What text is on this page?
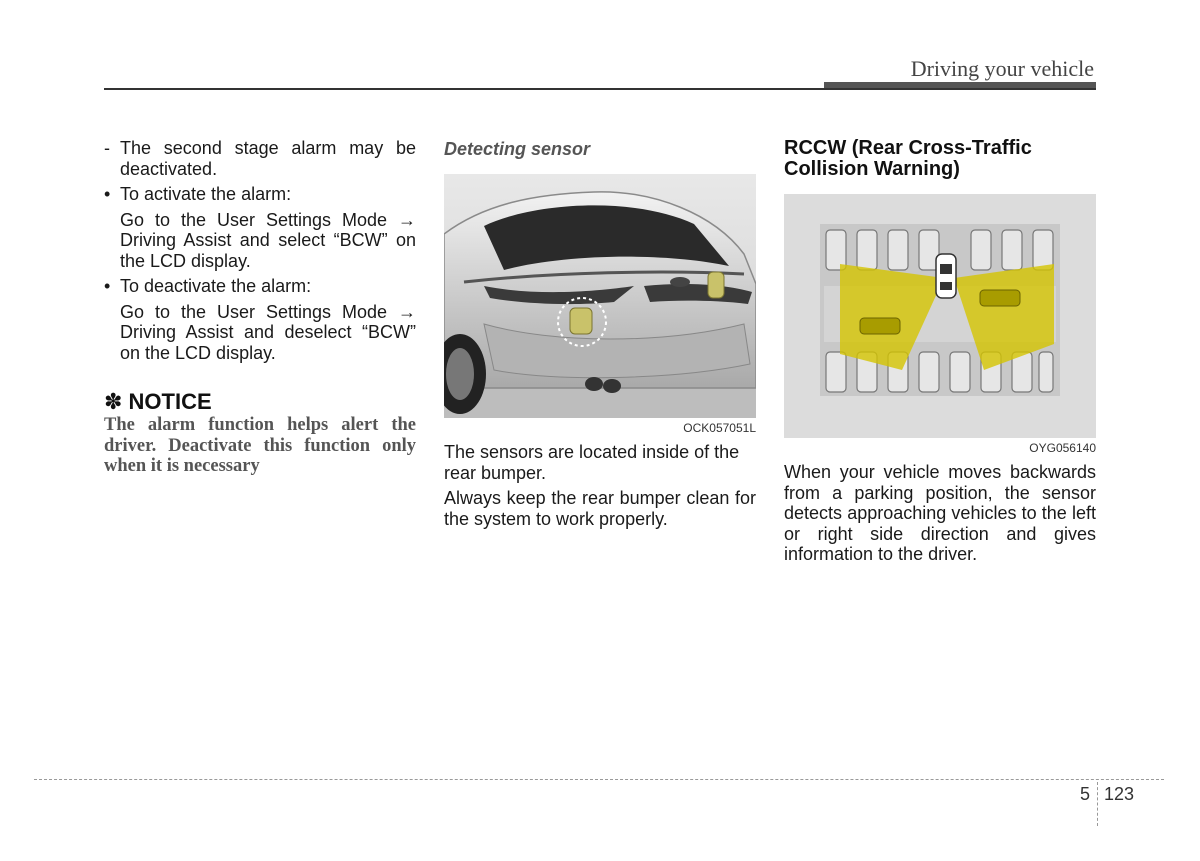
Driving your vehicle
- The second stage alarm may be deactivated.
• To activate the alarm:
Go to the User Settings Mode → Driving Assist and select “BCW” on the LCD display.
• To deactivate the alarm:
Go to the User Settings Mode → Driving Assist and deselect “BCW” on the LCD display.
✽ NOTICE
The alarm function helps alert the driver. Deactivate this function only when it is necessary
Detecting sensor
OCK057051L
The sensors are located inside of the rear bumper.
Always keep the rear bumper clean for the system to work properly.
RCCW (Rear Cross-Traffic Collision Warning)
OYG056140
When your vehicle moves backwards from a parking position, the sensor detects approaching vehicles to the left or right side direction and gives information to the driver.
5 123
